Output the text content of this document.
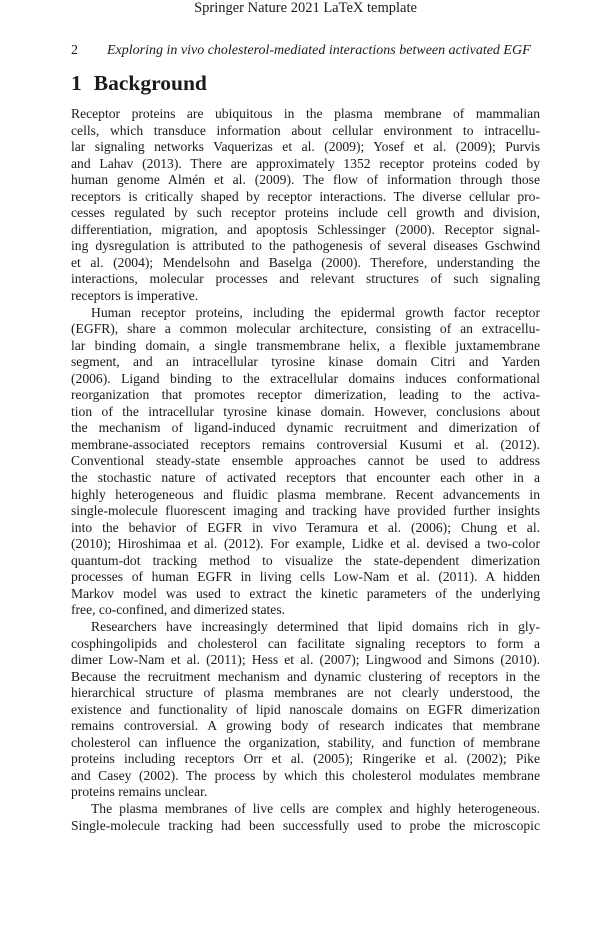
Springer Nature 2021 LaTeX template
2 Exploring in vivo cholesterol-mediated interactions between activated EGF
1 Background
Receptor proteins are ubiquitous in the plasma membrane of mammalian
cells, which transduce information about cellular environment to intracellu-
lar signaling networks Vaquerizas et al. (2009); Yosef et al. (2009); Purvis
and Lahav (2013). There are approximately 1352 receptor proteins coded by
human genome Almén et al. (2009). The flow of information through those
receptors is critically shaped by receptor interactions. The diverse cellular pro-
cesses regulated by such receptor proteins include cell growth and division,
differentiation, migration, and apoptosis Schlessinger (2000). Receptor signal-
ing dysregulation is attributed to the pathogenesis of several diseases Gschwind
et al. (2004); Mendelsohn and Baselga (2000). Therefore, understanding the
interactions, molecular processes and relevant structures of such signaling
receptors is imperative.
Human receptor proteins, including the epidermal growth factor receptor
(EGFR), share a common molecular architecture, consisting of an extracellu-
lar binding domain, a single transmembrane helix, a flexible juxtamembrane
segment, and an intracellular tyrosine kinase domain Citri and Yarden
(2006). Ligand binding to the extracellular domains induces conformational
reorganization that promotes receptor dimerization, leading to the activa-
tion of the intracellular tyrosine kinase domain. However, conclusions about
the mechanism of ligand-induced dynamic recruitment and dimerization of
membrane-associated receptors remains controversial Kusumi et al. (2012).
Conventional steady-state ensemble approaches cannot be used to address
the stochastic nature of activated receptors that encounter each other in a
highly heterogeneous and fluidic plasma membrane. Recent advancements in
single-molecule fluorescent imaging and tracking have provided further insights
into the behavior of EGFR in vivo Teramura et al. (2006); Chung et al.
(2010); Hiroshimaa et al. (2012). For example, Lidke et al. devised a two-color
quantum-dot tracking method to visualize the state-dependent dimerization
processes of human EGFR in living cells Low-Nam et al. (2011). A hidden
Markov model was used to extract the kinetic parameters of the underlying
free, co-confined, and dimerized states.
Researchers have increasingly determined that lipid domains rich in gly-
cosphingolipids and cholesterol can facilitate signaling receptors to form a
dimer Low-Nam et al. (2011); Hess et al. (2007); Lingwood and Simons (2010).
Because the recruitment mechanism and dynamic clustering of receptors in the
hierarchical structure of plasma membranes are not clearly understood, the
existence and functionality of lipid nanoscale domains on EGFR dimerization
remains controversial. A growing body of research indicates that membrane
cholesterol can influence the organization, stability, and function of membrane
proteins including receptors Orr et al. (2005); Ringerike et al. (2002); Pike
and Casey (2002). The process by which this cholesterol modulates membrane
proteins remains unclear.
The plasma membranes of live cells are complex and highly heterogeneous.
Single-molecule tracking had been successfully used to probe the microscopic
